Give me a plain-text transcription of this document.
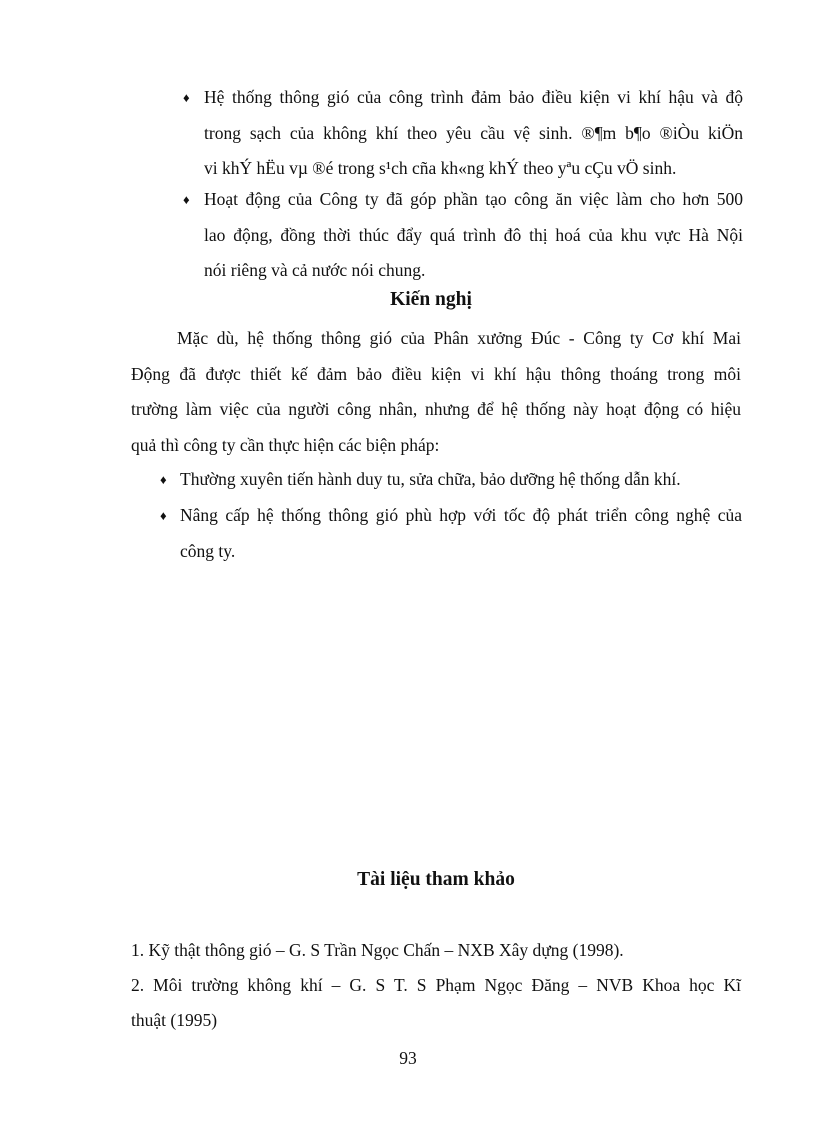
♦ Hệ thống thông gió của công trình đảm bảo điều kiện vi khí hậu và độ
trong sạch của không khí theo yêu cầu vệ sinh. ®¶m b¶o ®iÒu kiÖn
vi khÝ hËu vµ ®é trong s¹ch cña kh«ng khÝ theo yªu cÇu vÖ sinh.
♦ Hoạt động của Công ty đã góp phần tạo công ăn việc làm cho hơn 500
lao động, đồng thời thúc đẩy quá trình đô thị hoá của khu vực Hà Nội
nói riêng và cả nước nói chung.
Kiến nghị
Mặc dù, hệ thống thông gió của Phân xưởng Đúc - Công ty Cơ khí Mai
Động đã được thiết kế đảm bảo điều kiện vi khí hậu thông thoáng trong môi
trường làm việc của người công nhân, nhưng để hệ thống này hoạt động có hiệu
quả thì công ty cần thực hiện các biện pháp:
♦ Thường xuyên tiến hành duy tu, sửa chữa, bảo dưỡng hệ thống dẫn khí.
♦ Nâng cấp hệ thống thông gió phù hợp với tốc độ phát triển công nghệ của
công ty.
Tài liệu tham khảo
1. Kỹ thật thông gió – G. S Trần Ngọc Chấn – NXB Xây dựng (1998).
2. Môi trường không khí – G. S T. S Phạm Ngọc Đăng – NVB Khoa học Kĩ
thuật (1995)
93
